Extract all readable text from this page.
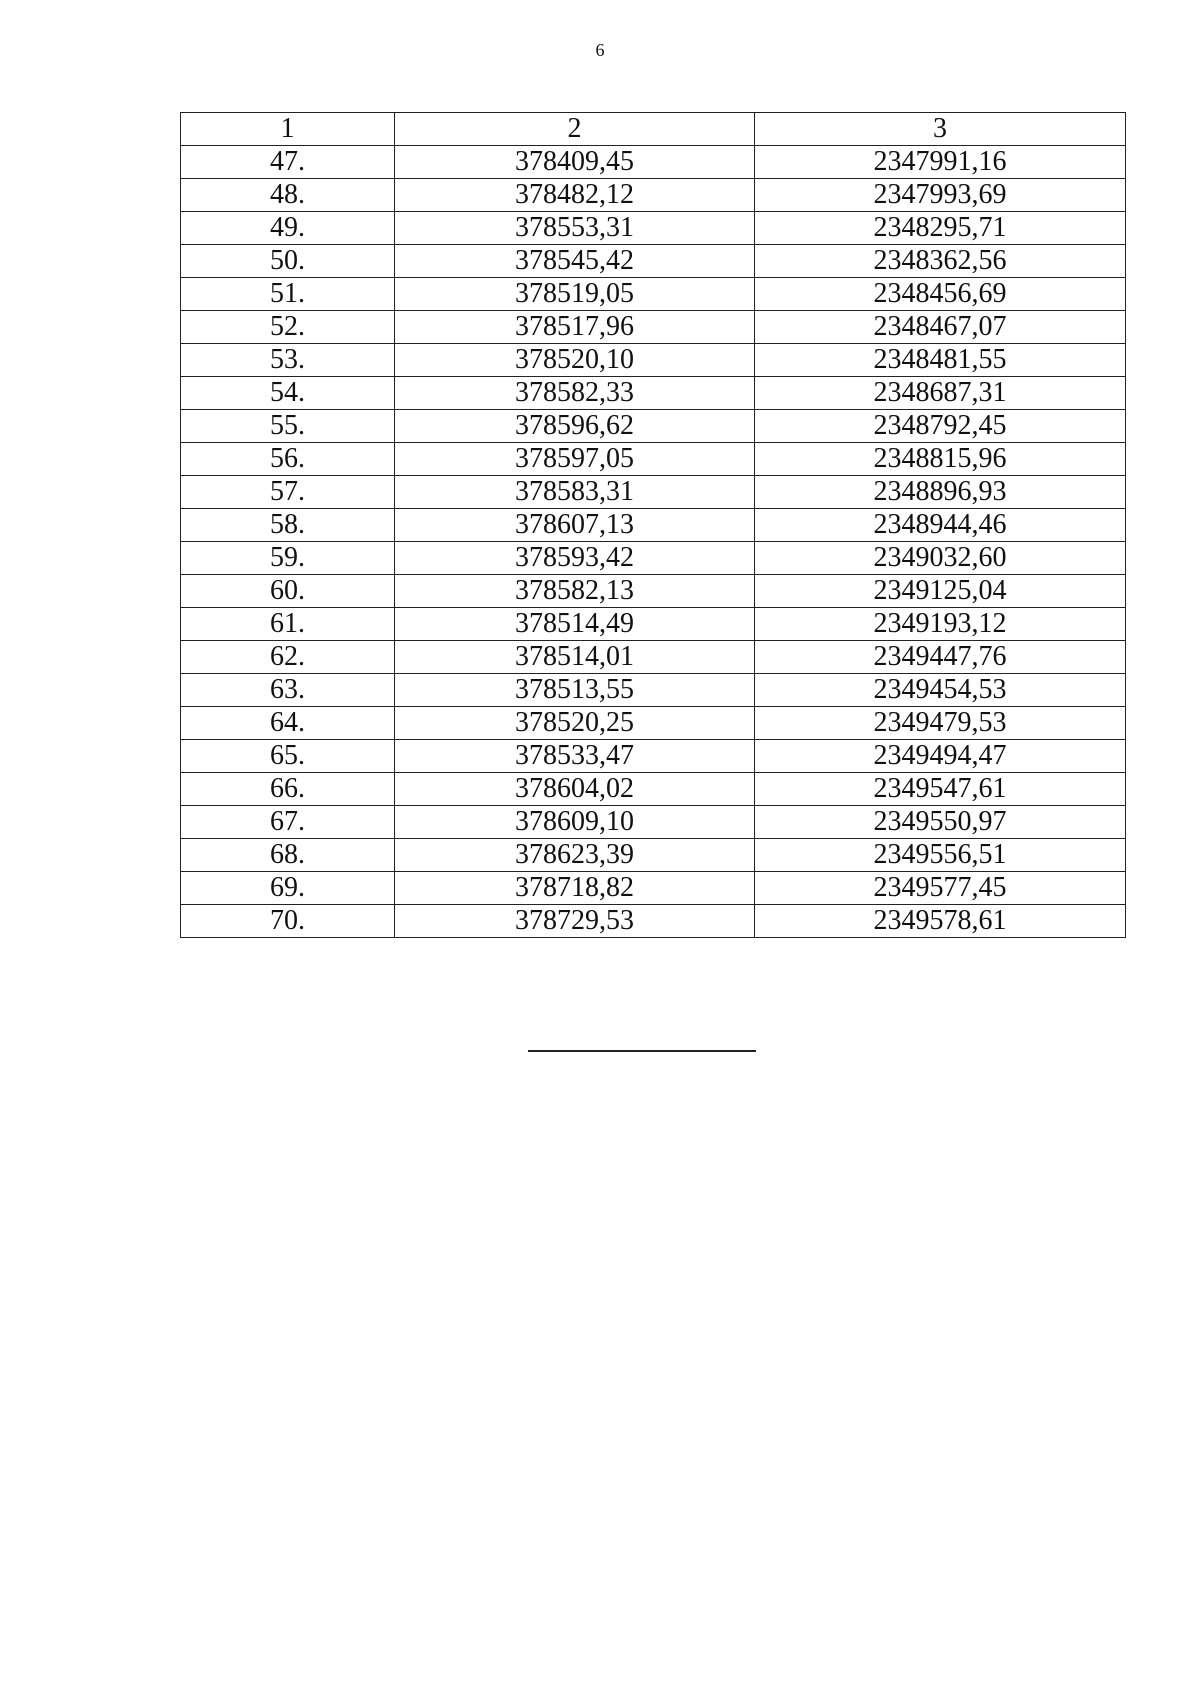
6
1	2	3
47.	378409,45	2347991,16
48.	378482,12	2347993,69
49.	378553,31	2348295,71
50.	378545,42	2348362,56
51.	378519,05	2348456,69
52.	378517,96	2348467,07
53.	378520,10	2348481,55
54.	378582,33	2348687,31
55.	378596,62	2348792,45
56.	378597,05	2348815,96
57.	378583,31	2348896,93
58.	378607,13	2348944,46
59.	378593,42	2349032,60
60.	378582,13	2349125,04
61.	378514,49	2349193,12
62.	378514,01	2349447,76
63.	378513,55	2349454,53
64.	378520,25	2349479,53
65.	378533,47	2349494,47
66.	378604,02	2349547,61
67.	378609,10	2349550,97
68.	378623,39	2349556,51
69.	378718,82	2349577,45
70.	378729,53	2349578,61
